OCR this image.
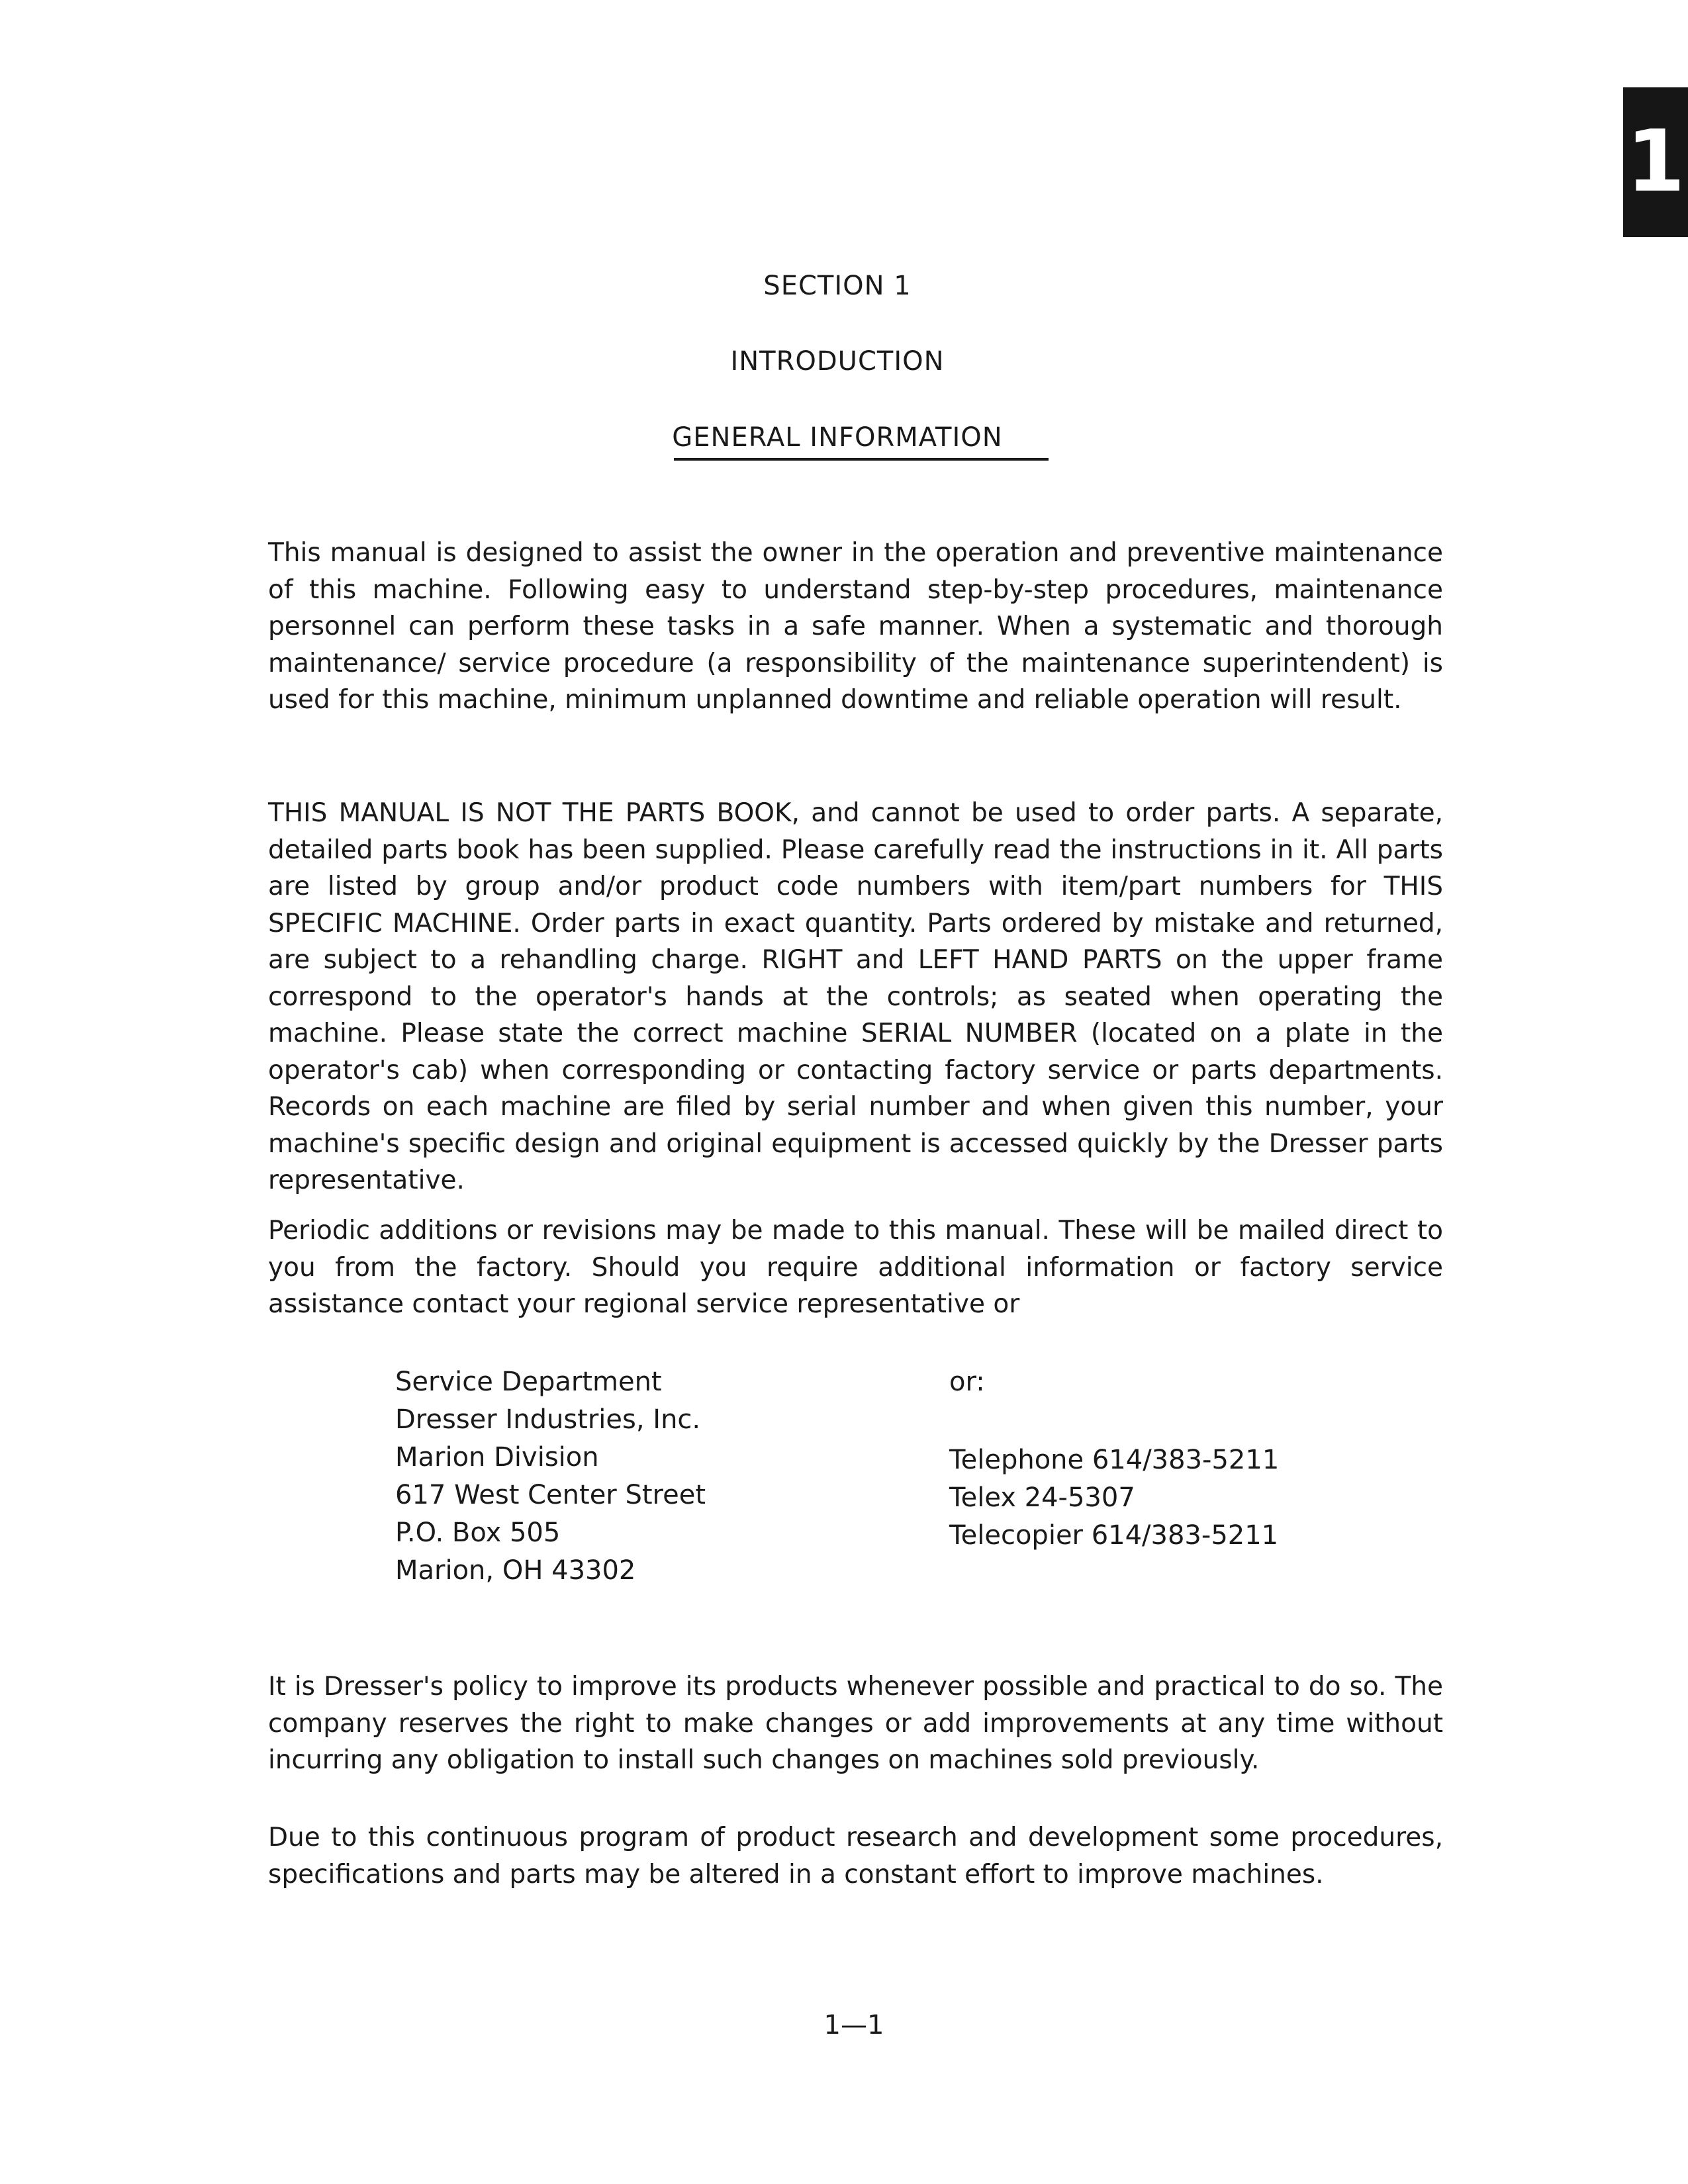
1
SECTION 1
INTRODUCTION
GENERAL INFORMATION

This manual is designed to assist the owner in the operation and preventive maintenance of this machine. Following easy to understand step-by-step procedures, maintenance personnel can perform these tasks in a safe manner. When a systematic and thorough maintenance/ service procedure (a responsibility of the maintenance superintendent) is used for this machine, minimum unplanned downtime and reliable operation will result.

THIS MANUAL IS NOT THE PARTS BOOK, and cannot be used to order parts. A separate, detailed parts book has been supplied. Please carefully read the instructions in it. All parts are listed by group and/or product code numbers with item/part numbers for THIS SPECIFIC MACHINE. Order parts in exact quantity. Parts ordered by mistake and returned, are subject to a rehandling charge. RIGHT and LEFT HAND PARTS on the upper frame correspond to the operator's hands at the controls; as seated when operating the machine. Please state the correct machine SERIAL NUMBER (located on a plate in the operator's cab) when corresponding or contacting factory service or parts departments. Records on each machine are filed by serial number and when given this number, your machine's specific design and original equipment is accessed quickly by the Dresser parts representative.

Periodic additions or revisions may be made to this manual. These will be mailed direct to you from the factory. Should you require additional information or factory service assistance contact your regional service representative or

Service Department
Dresser Industries, Inc.
Marion Division
617 West Center Street
P.O. Box 505
Marion, OH 43302
or:
Telephone 614/383-5211
Telex 24-5307
Telecopier 614/383-5211

It is Dresser's policy to improve its products whenever possible and practical to do so. The company reserves the right to make changes or add improvements at any time without incurring any obligation to install such changes on machines sold previously.

Due to this continuous program of product research and development some procedures, specifications and parts may be altered in a constant effort to improve machines.

1—1
